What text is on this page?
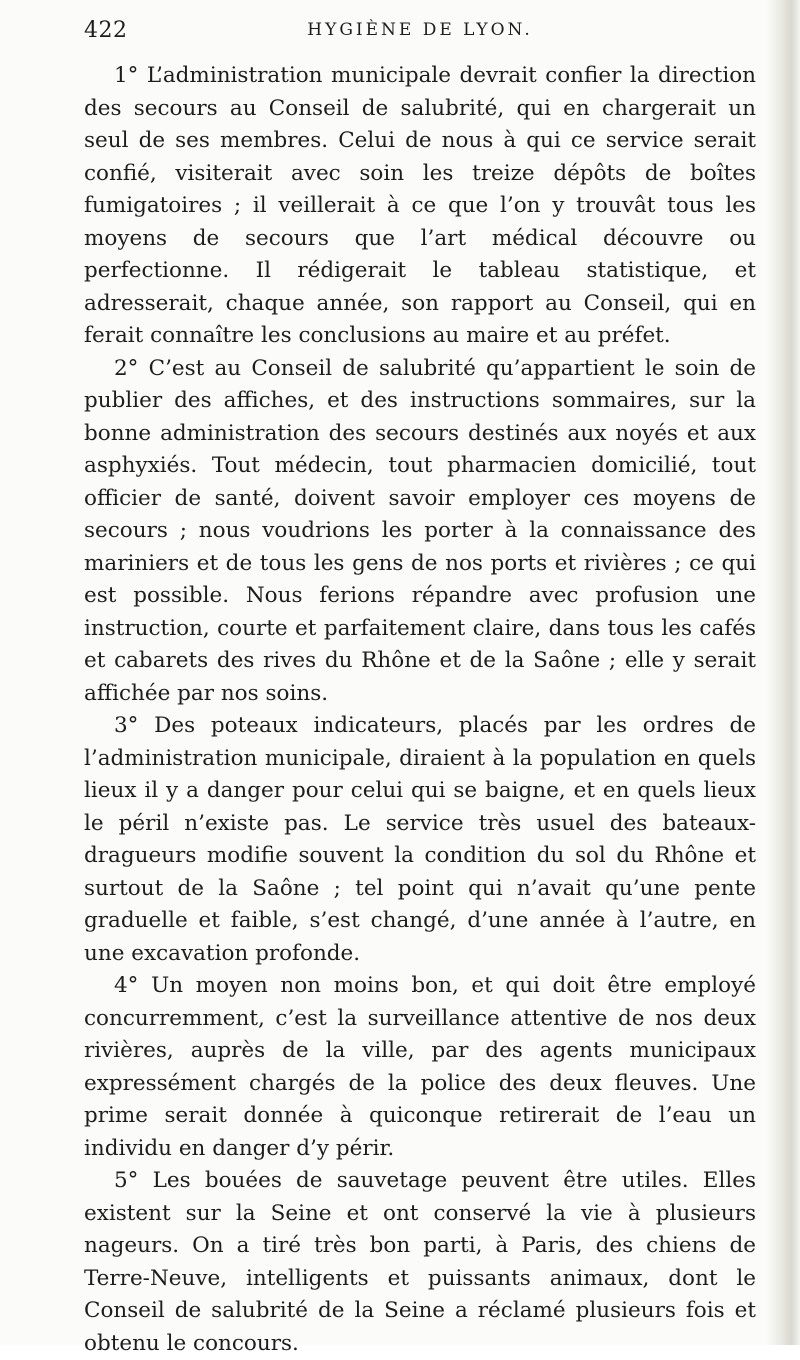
422	HYGIÈNE DE LYON.

1° L’administration municipale devrait confier la direction des secours au Conseil de salubrité, qui en chargerait un seul de ses membres. Celui de nous à qui ce service serait confié, visiterait avec soin les treize dépôts de boîtes fumigatoires ; il veillerait à ce que l’on y trouvât tous les moyens de secours que l’art médical découvre ou perfectionne. Il rédigerait le tableau statistique, et adresserait, chaque année, son rapport au Conseil, qui en ferait connaître les conclusions au maire et au préfet.

2° C’est au Conseil de salubrité qu’appartient le soin de publier des affiches, et des instructions sommaires, sur la bonne administration des secours destinés aux noyés et aux asphyxiés. Tout médecin, tout pharmacien domicilié, tout officier de santé, doivent savoir employer ces moyens de secours ; nous voudrions les porter à la connaissance des mariniers et de tous les gens de nos ports et rivières ; ce qui est possible. Nous ferions répandre avec profusion une instruction, courte et parfaitement claire, dans tous les cafés et cabarets des rives du Rhône et de la Saône ; elle y serait affichée par nos soins.

3° Des poteaux indicateurs, placés par les ordres de l’administration municipale, diraient à la population en quels lieux il y a danger pour celui qui se baigne, et en quels lieux le péril n’existe pas. Le service très usuel des bateaux-dragueurs modifie souvent la condition du sol du Rhône et surtout de la Saône ; tel point qui n’avait qu’une pente graduelle et faible, s’est changé, d’une année à l’autre, en une excavation profonde.

4° Un moyen non moins bon, et qui doit être employé concurremment, c’est la surveillance attentive de nos deux rivières, auprès de la ville, par des agents municipaux expressément chargés de la police des deux fleuves. Une prime serait donnée à quiconque retirerait de l’eau un individu en danger d’y périr.

5° Les bouées de sauvetage peuvent être utiles. Elles existent sur la Seine et ont conservé la vie à plusieurs nageurs. On a tiré très bon parti, à Paris, des chiens de Terre-Neuve, intelligents et puissants animaux, dont le Conseil de salubrité de la Seine a réclamé plusieurs fois et obtenu le concours.
